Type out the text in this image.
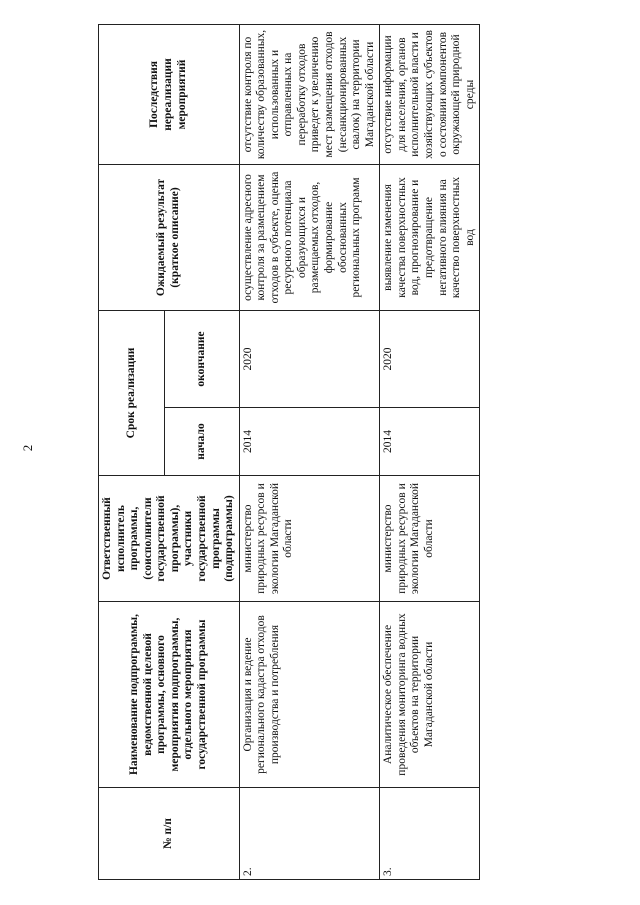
2
№ п/п	Наименование подпрограммы, ведомственной целевой программы, основного мероприятия подпрограммы, отдельного мероприятия государственной программы	Ответственный исполнитель программы, (соисполнители государственной программы), участники государственной программы (подпрограммы)	Срок реализации		Ожидаемый результат (краткое описание)	Последствия нереализации мероприятий
			начало	окончание		
2.	Организация и ведение регионального кадастра отходов производства и потребления	министерство природных ресурсов и экологии Магаданской области	2014	2020	осуществление адресного контроля за размещением отходов в субъекте, оценка ресурсного потенциала образующихся и размещаемых отходов, формирование обоснованных региональных программ	отсутствие контроля по количеству образованных, использованных и отправленных на переработку отходов приведет к увеличению мест размещения отходов (несанкционированных свалок) на территории Магаданской области
3.	Аналитическое обеспечение проведения мониторинга водных объектов на территории Магаданской области	министерство природных ресурсов и экологии Магаданской области	2014	2020	выявление изменения качества поверхностных вод, прогнозирование и предотвращение негативного влияния на качество поверхностных вод	отсутствие информации для населения, органов исполнительной власти и хозяйствующих субъектов о состоянии компонентов окружающей природной среды
